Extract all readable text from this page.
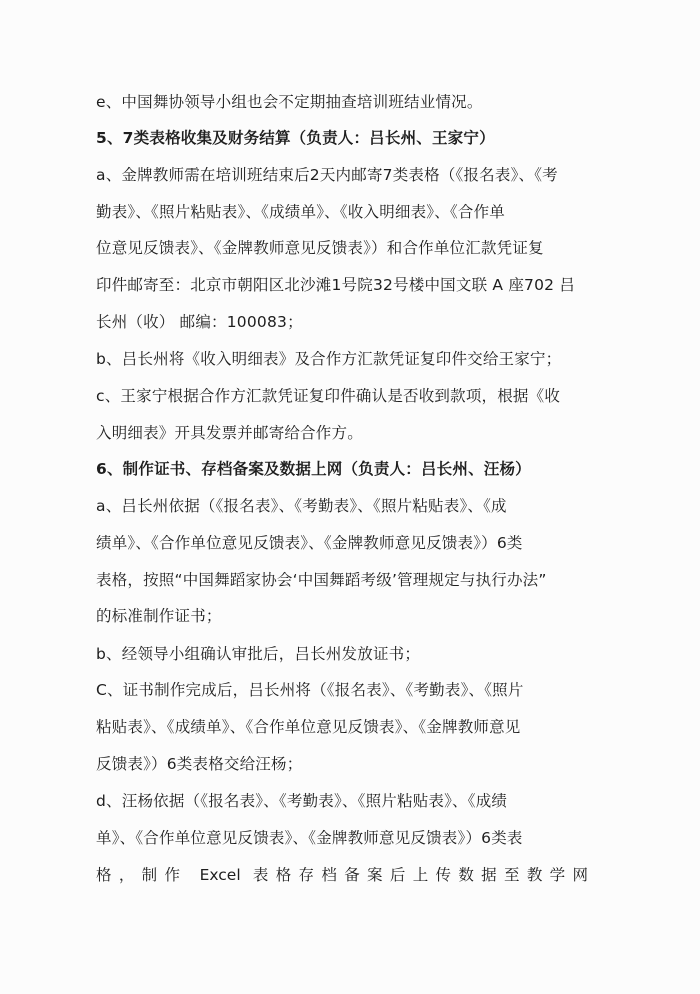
e、中国舞协领导小组也会不定期抽查培训班结业情况。
5、7类表格收集及财务结算（负责人：吕长州、王家宁）
a、金牌教师需在培训班结束后2天内邮寄7类表格（《报名表》、《考
勤表》、《照片粘贴表》、《成绩单》、《收入明细表》、《合作单
位意见反馈表》、《金牌教师意见反馈表》）和合作单位汇款凭证复
印件邮寄至：北京市朝阳区北沙滩1号院32号楼中国文联 A 座702 吕
长州（收） 邮编：100083；
b、吕长州将《收入明细表》及合作方汇款凭证复印件交给王家宁；
c、王家宁根据合作方汇款凭证复印件确认是否收到款项，根据《收
入明细表》开具发票并邮寄给合作方。
6、制作证书、存档备案及数据上网（负责人：吕长州、汪杨）
a、吕长州依据（《报名表》、《考勤表》、《照片粘贴表》、《成
绩单》、《合作单位意见反馈表》、《金牌教师意见反馈表》）6类
表格，按照“中国舞蹈家协会‘中国舞蹈考级’管理规定与执行办法”
的标准制作证书；
b、经领导小组确认审批后，吕长州发放证书；
C、证书制作完成后，吕长州将（《报名表》、《考勤表》、《照片
粘贴表》、《成绩单》、《合作单位意见反馈表》、《金牌教师意见
反馈表》）6类表格交给汪杨；
d、汪杨依据（《报名表》、《考勤表》、《照片粘贴表》、《成绩
单》、《合作单位意见反馈表》、《金牌教师意见反馈表》）6类表
格，制作 Excel 表格存档备案后上传数据至教学网
